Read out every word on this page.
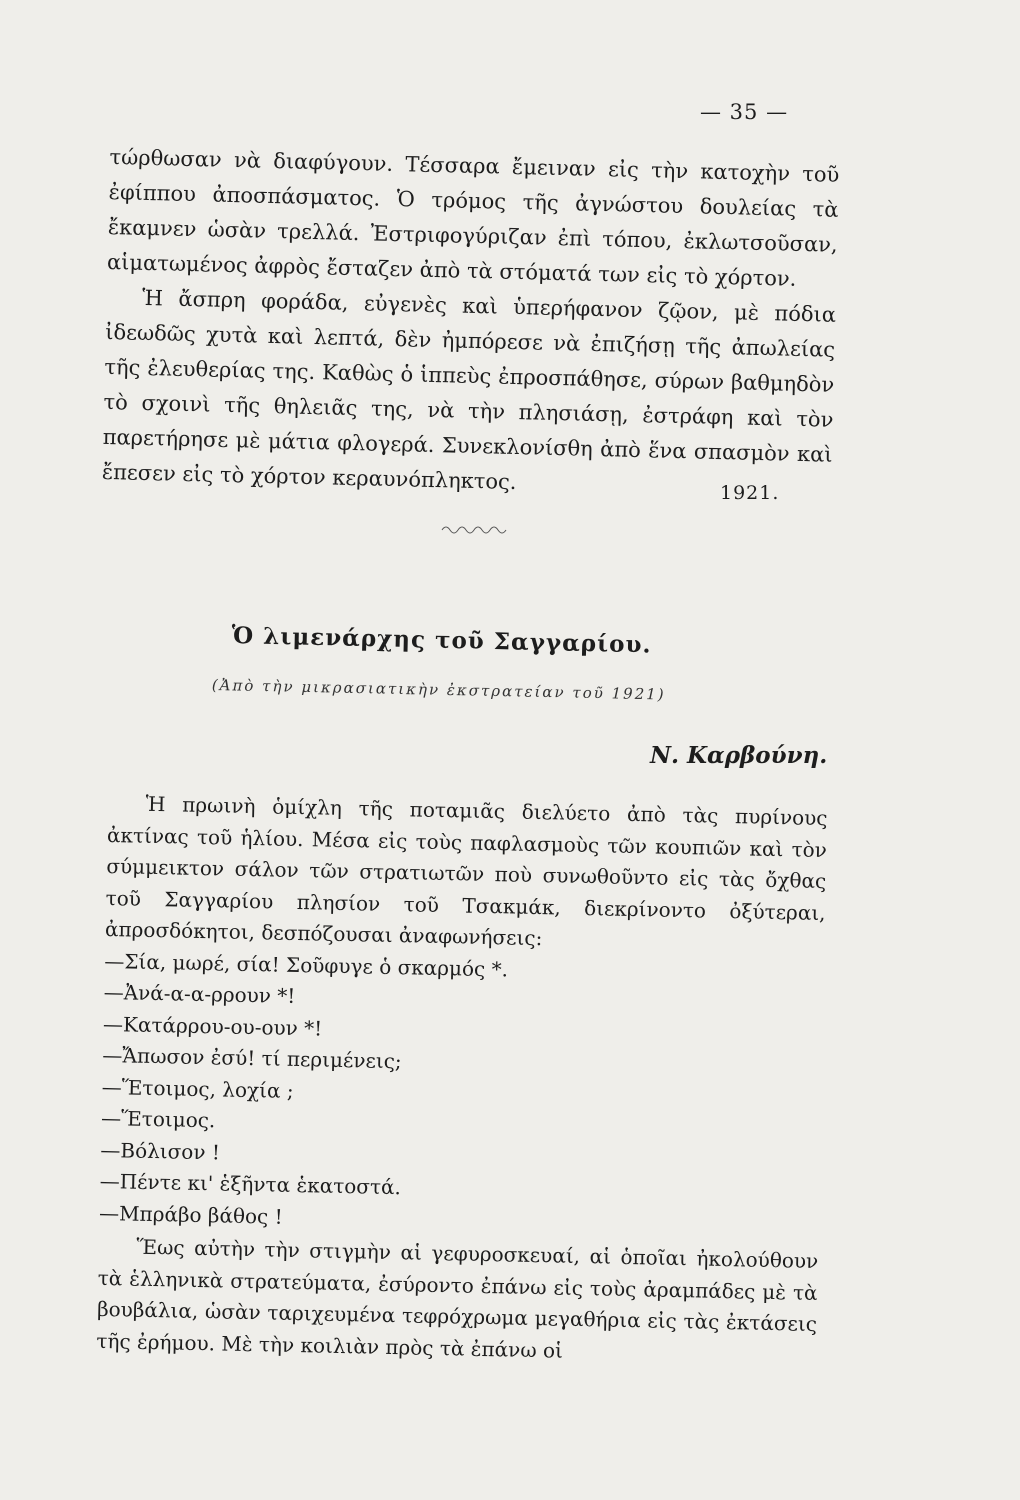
— 35 —

τώρθωσαν νὰ διαφύγουν. Τέσσαρα ἔμειναν εἰς τὴν κατοχὴν τοῦ ἐφίππου ἀποσπάσματος. Ὁ τρόμος τῆς ἀγνώστου δουλείας τὰ ἔκαμνεν ὡσὰν τρελλά. Ἐστριφογύριζαν ἐπὶ τόπου, ἐκλωτσοῦσαν, αἱματωμένος ἀφρὸς ἔσταζεν ἀπὸ τὰ στόματά των εἰς τὸ χόρτον.

Ἡ ἄσπρη φοράδα, εὐγενὲς καὶ ὑπερήφανον ζῷον, μὲ πόδια ἰδεωδῶς χυτὰ καὶ λεπτά, δὲν ἠμπόρεσε νὰ ἐπιζήσῃ τῆς ἀπωλείας τῆς ἐλευθερίας της. Καθὼς ὁ ἱππεὺς ἐπροσπάθησε, σύρων βαθμηδὸν τὸ σχοινὶ τῆς θηλειᾶς της, νὰ τὴν πλησιάσῃ, ἐστράφη καὶ τὸν παρετήρησε μὲ μάτια φλογερά. Συνεκλονίσθη ἀπὸ ἕνα σπασμὸν καὶ ἔπεσεν εἰς τὸ χόρτον κεραυνόπληκτος.	1921.
Ὁ λιμενάρχης τοῦ Σαγγαρίου.
(Ἀπὸ τὴν μικρασιατικὴν ἐκστρατείαν τοῦ 1921)
Ν. Καρβούνη.

Ἡ πρωινὴ ὁμίχλη τῆς ποταμιᾶς διελύετο ἀπὸ τὰς πυρίνους ἀκτίνας τοῦ ἡλίου. Μέσα εἰς τοὺς παφλασμοὺς τῶν κουπιῶν καὶ τὸν σύμμεικτον σάλον τῶν στρατιωτῶν ποὺ συνωθοῦντο εἰς τὰς ὄχθας τοῦ Σαγγαρίου πλησίον τοῦ Τσακμάκ, διεκρίνοντο ὀξύτεραι, ἀπροσδόκητοι, δεσπόζουσαι ἀναφωνήσεις:

—Σία, μωρέ, σία! Σοῦφυγε ὁ σκαρμός *.
—Ἀνά-α-α-ρρουν *!
—Κατάρρου-ου-ουν *!
—Ἄπωσον ἐσύ! τί περιμένεις;
—Ἕτοιμος, λοχία ;
—Ἕτοιμος.
—Βόλισον !
—Πέντε κι' ἑξῆντα ἑκατοστά.
—Μπράβο βάθος !

Ἕως αὐτὴν τὴν στιγμὴν αἱ γεφυροσκευαί, αἱ ὁποῖαι ἠκολούθουν τὰ ἑλληνικὰ στρατεύματα, ἐσύροντο ἐπάνω εἰς τοὺς ἀραμπάδες μὲ τὰ βουβάλια, ὡσὰν ταριχευμένα τεφρόχρωμα μεγαθήρια εἰς τὰς ἐκτάσεις τῆς ἐρήμου. Μὲ τὴν κοιλιὰν πρὸς τὰ ἐπάνω οἱ
